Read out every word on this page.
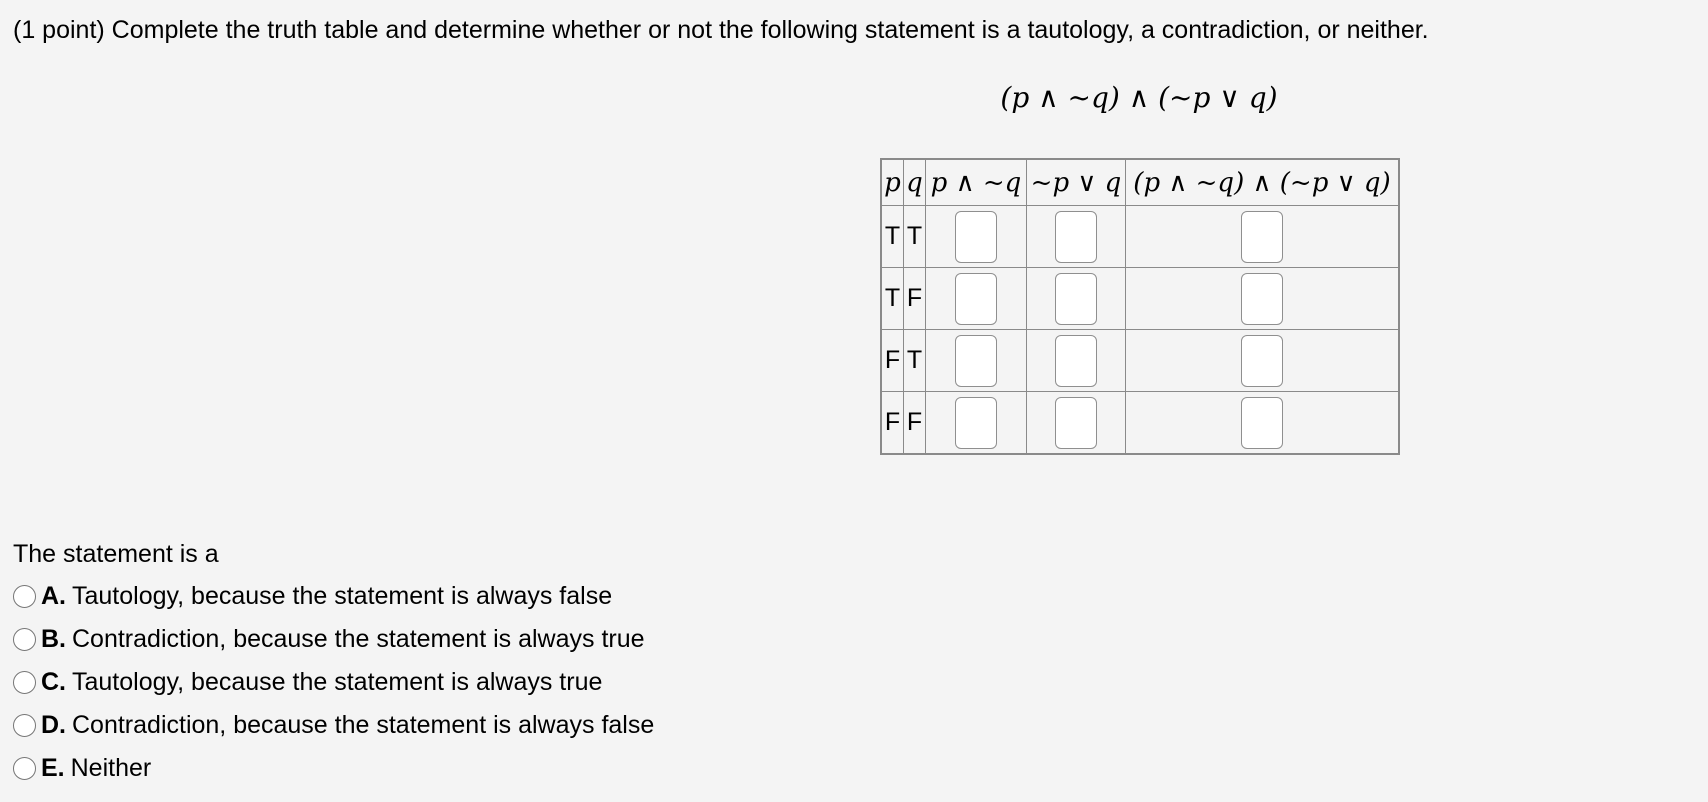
(1 point) Complete the truth table and determine whether or not the following statement is a tautology, a contradiction, or neither.
(p ∧ ~q) ∧ (~p ∨ q)
p	q	p ∧ ~q	~p ∨ q	(p ∧ ~q) ∧ (~p ∨ q)
T	T			
T	F			
F	T			
F	F			
The statement is a
A. Tautology, because the statement is always false
B. Contradiction, because the statement is always true
C. Tautology, because the statement is always true
D. Contradiction, because the statement is always false
E. Neither
